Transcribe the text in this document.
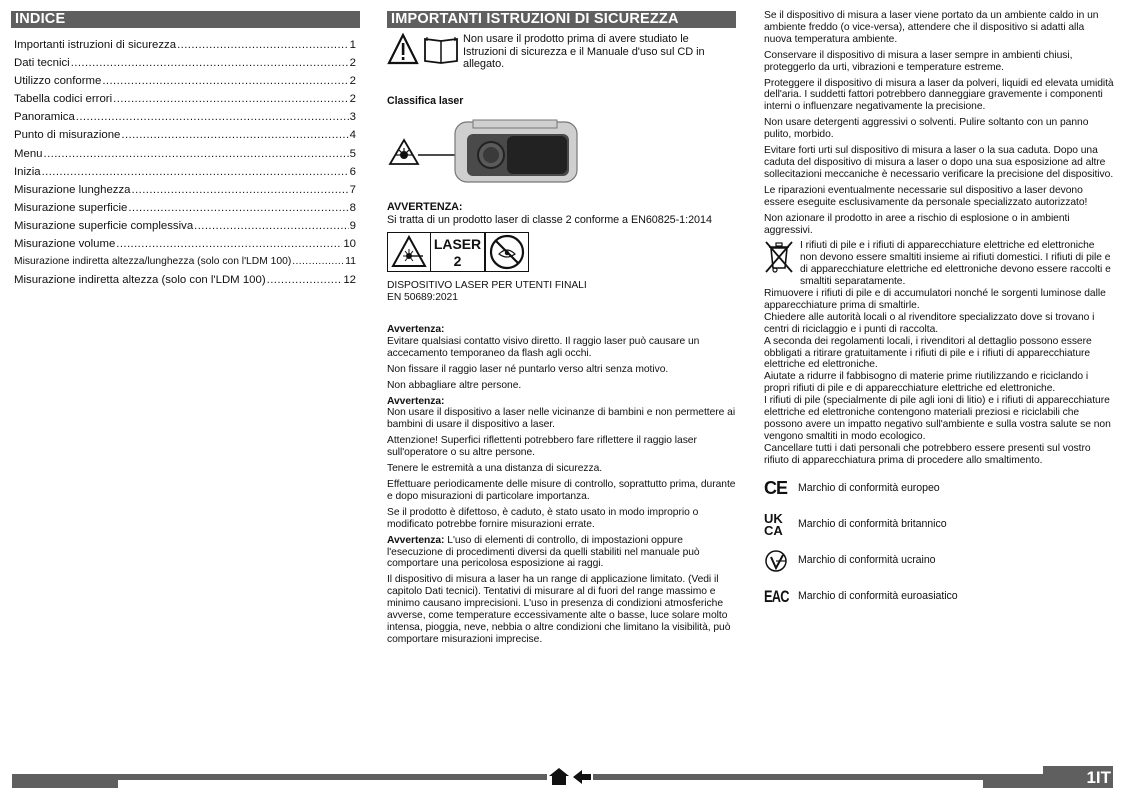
INDICE
Importanti istruzioni di sicurezza .....	1
Dati tecnici .....	2
Utilizzo conforme .....	2
Tabella codici errori .....	2
Panoramica .....	3
Punto di misurazione .....	4
Menu .....	5
Inizia .....	6
Misurazione lunghezza .....	7
Misurazione superficie .....	8
Misurazione superficie complessiva .....	9
Misurazione volume .....	10
Misurazione indiretta altezza/lunghezza (solo con l'LDM 100) .....	11
Misurazione indiretta altezza (solo con l'LDM 100) .....	12
IMPORTANTI ISTRUZIONI DI SICUREZZA

Non usare il prodotto prima di avere studiato le Istruzioni di sicurezza e il Manuale d'uso sul CD in allegato.

Classifica laser

AVVERTENZA:

Si tratta di un prodotto laser di classe 2 conforme a EN60825-1:2014

LASER
2

DISPOSITIVO LASER PER UTENTI FINALI

EN 50689:2021

Avvertenza:

Evitare qualsiasi contatto visivo diretto. Il raggio laser può causare un accecamento temporaneo da flash agli occhi.

Non fissare il raggio laser né puntarlo verso altri senza motivo.

Non abbagliare altre persone.

Avvertenza:

Non usare il dispositivo a laser nelle vicinanze di bambini e non permettere ai bambini di usare il dispositivo a laser.

Attenzione! Superfici riflettenti potrebbero fare riflettere il raggio laser sull'operatore o su altre persone.

Tenere le estremità a una distanza di sicurezza.

Effettuare periodicamente delle misure di controllo, soprattutto prima, durante e dopo misurazioni di particolare importanza.

Se il prodotto è difettoso, è caduto, è stato usato in modo improprio o modificato potrebbe fornire misurazioni errate.

Avvertenza: L'uso di elementi di controllo, di impostazioni oppure l'esecuzione di procedimenti diversi da quelli stabiliti nel manuale può comportare una pericolosa esposizione ai raggi.

Il dispositivo di misura a laser ha un range di applicazione limitato. (Vedi il capitolo Dati tecnici). Tentativi di misurare al di fuori del range massimo e minimo causano imprecisioni. L'uso in presenza di condizioni atmosferiche avverse, come temperature eccessivamente alte o basse, luce solare molto intensa, pioggia, neve, nebbia o altre condizioni che limitano la visibilità, può comportare misurazioni imprecise.

Se il dispositivo di misura a laser viene portato da un ambiente caldo in un ambiente freddo (o vice-versa), attendere che il dispositivo si adatti alla nuova temperatura ambiente.

Conservare il dispositivo di misura a laser sempre in ambienti chiusi, proteggerlo da urti, vibrazioni e temperature estreme.

Proteggere il dispositivo di misura a laser da polveri, liquidi ed elevata umidità dell'aria. I suddetti fattori potrebbero danneggiare gravemente i componenti interni o influenzare negativamente la precisione.

Non usare detergenti aggressivi o solventi. Pulire soltanto con un panno pulito, morbido.

Evitare forti urti sul dispositivo di misura a laser o la sua caduta. Dopo una caduta del dispositivo di misura a laser o dopo una sua esposizione ad altre sollecitazioni meccaniche è necessario verificare la precisione del dispositivo.

Le riparazioni eventualmente necessarie sul dispositivo a laser devono essere eseguite esclusivamente da personale specializzato autorizzato!

Non azionare il prodotto in aree a rischio di esplosione o in ambienti aggressivi.

I rifiuti di pile e i rifiuti di apparecchiature elettriche ed elettroniche non devono essere smaltiti insieme ai rifiuti domestici. I rifiuti di pile e di apparecchiature elettriche ed elettroniche devono essere raccolti e smaltiti separatamente.

Rimuovere i rifiuti di pile e di accumulatori nonché le sorgenti luminose dalle apparecchiature prima di smaltirle.

Chiedere alle autorità locali o al rivenditore specializzato dove si trovano i centri di riciclaggio e i punti di raccolta.

A seconda dei regolamenti locali, i rivenditori al dettaglio possono essere obbligati a ritirare gratuitamente i rifiuti di pile e i rifiuti di apparecchiature elettriche ed elettroniche.

Aiutate a ridurre il fabbisogno di materie prime riutilizzando e riciclando i propri rifiuti di pile e di apparecchiature elettriche ed elettroniche.

I rifiuti di pile (specialmente di pile agli ioni di litio) e i rifiuti di apparecchiature elettriche ed elettroniche contengono materiali preziosi e riciclabili che possono avere un impatto negativo sull'ambiente e sulla vostra salute se non vengono smaltiti in modo ecologico.

Cancellare tutti i dati personali che potrebbero essere presenti sul vostro rifiuto di apparecchiatura prima di procedere allo smaltimento.

CE Marchio di conformità europeo
UK
CA	Marchio di conformità britannico
Marchio di conformità ucraino
EAC Marchio di conformità euroasiatico
1IT
